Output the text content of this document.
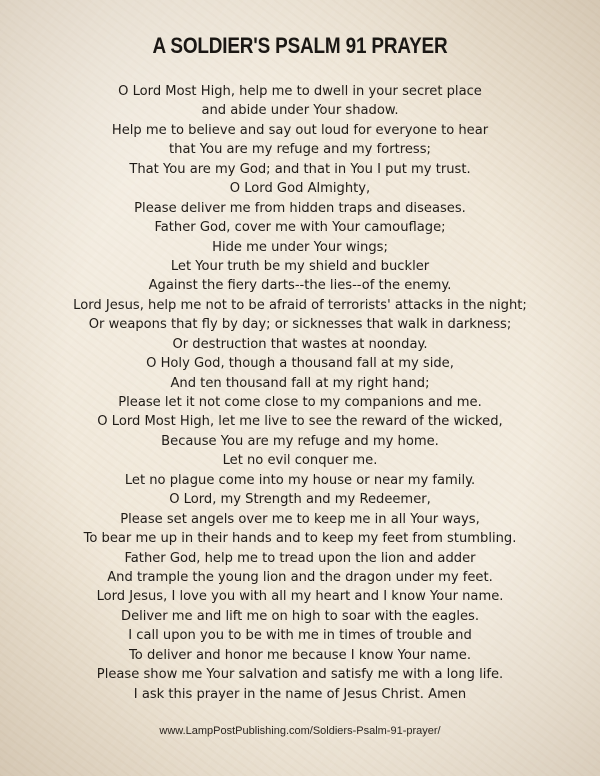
A SOLDIER'S PSALM 91 PRAYER
O Lord Most High, help me to dwell in your secret place
and abide under Your shadow.
Help me to believe and say out loud for everyone to hear
that You are my refuge and my fortress;
That You are my God; and that in You I put my trust.
O Lord God Almighty,
Please deliver me from hidden traps and diseases.
Father God, cover me with Your camouflage;
Hide me under Your wings;
Let Your truth be my shield and buckler
Against the fiery darts--the lies--of the enemy.
Lord Jesus, help me not to be afraid of terrorists' attacks in the night;
Or weapons that fly by day; or sicknesses that walk in darkness;
Or destruction that wastes at noonday.
O Holy God, though a thousand fall at my side,
And ten thousand fall at my right hand;
Please let it not come close to my companions and me.
O Lord Most High, let me live to see the reward of the wicked,
Because You are my refuge and my home.
Let no evil conquer me.
Let no plague come into my house or near my family.
O Lord, my Strength and my Redeemer,
Please set angels over me to keep me in all Your ways,
To bear me up in their hands and to keep my feet from stumbling.
Father God, help me to tread upon the lion and adder
And trample the young lion and the dragon under my feet.
Lord Jesus, I love you with all my heart and I know Your name.
Deliver me and lift me on high to soar with the eagles.
I call upon you to be with me in times of trouble and
To deliver and honor me because I know Your name.
Please show me Your salvation and satisfy me with a long life.
I ask this prayer in the name of Jesus Christ. Amen
www.LampPostPublishing.com/Soldiers-Psalm-91-prayer/
